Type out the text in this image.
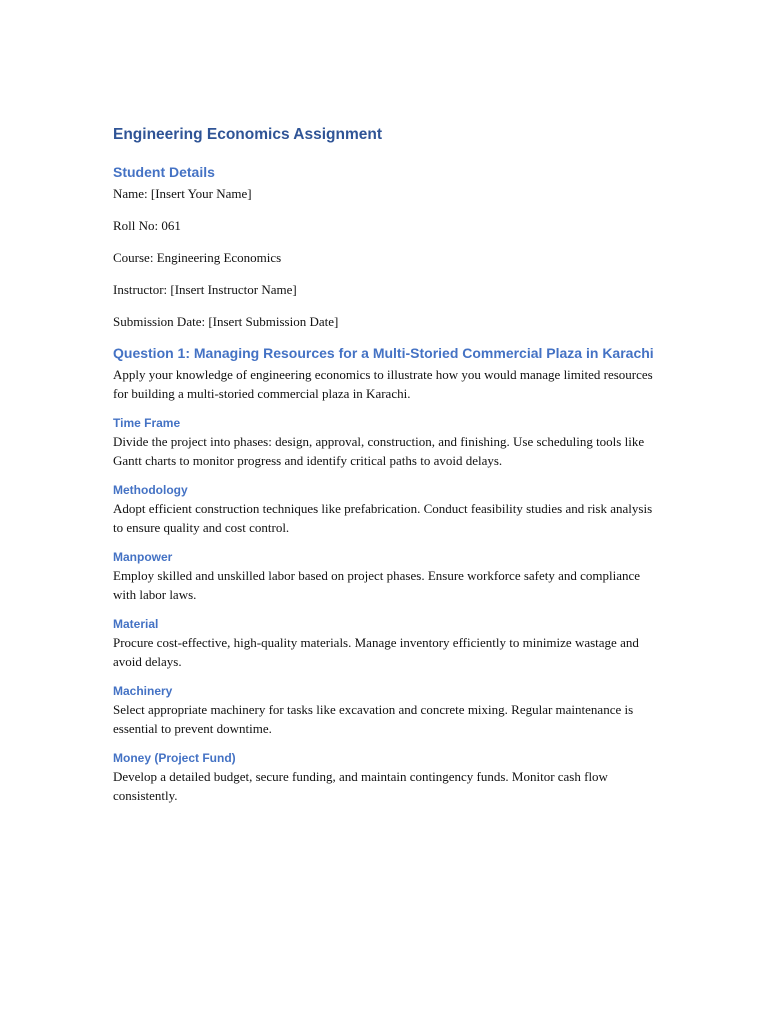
Engineering Economics Assignment
Student Details
Name: [Insert Your Name]
Roll No: 061
Course: Engineering Economics
Instructor: [Insert Instructor Name]
Submission Date: [Insert Submission Date]
Question 1: Managing Resources for a Multi-Storied Commercial Plaza in Karachi
Apply your knowledge of engineering economics to illustrate how you would manage limited resources for building a multi-storied commercial plaza in Karachi.
Time Frame
Divide the project into phases: design, approval, construction, and finishing. Use scheduling tools like Gantt charts to monitor progress and identify critical paths to avoid delays.
Methodology
Adopt efficient construction techniques like prefabrication. Conduct feasibility studies and risk analysis to ensure quality and cost control.
Manpower
Employ skilled and unskilled labor based on project phases. Ensure workforce safety and compliance with labor laws.
Material
Procure cost-effective, high-quality materials. Manage inventory efficiently to minimize wastage and avoid delays.
Machinery
Select appropriate machinery for tasks like excavation and concrete mixing. Regular maintenance is essential to prevent downtime.
Money (Project Fund)
Develop a detailed budget, secure funding, and maintain contingency funds. Monitor cash flow consistently.
